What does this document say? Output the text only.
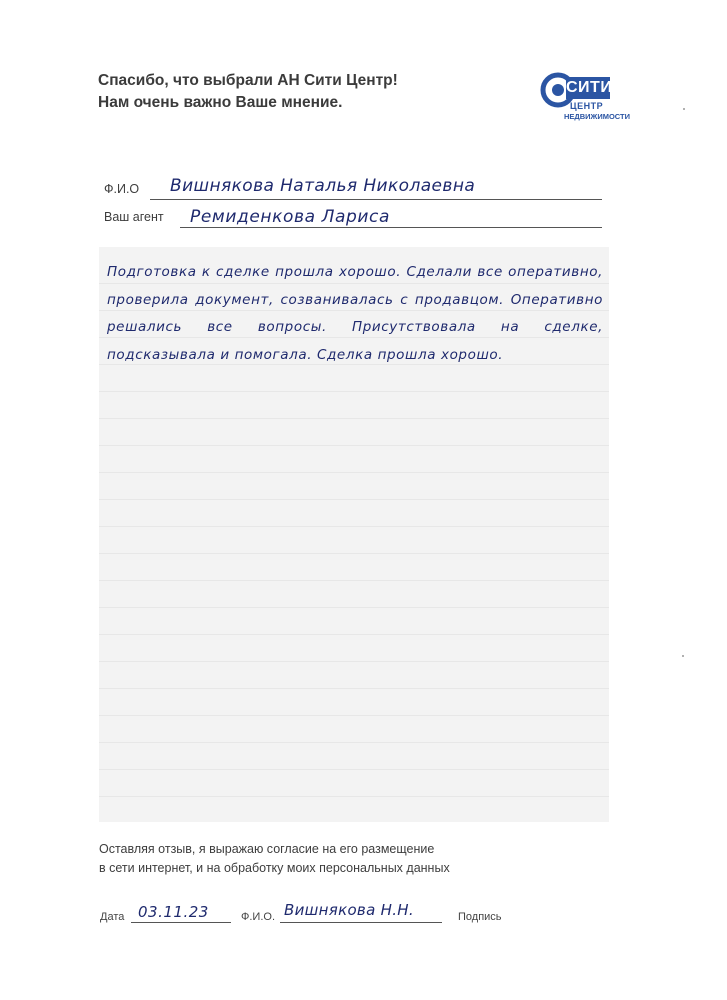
Спасибо, что выбрали АН Сити Центр!
Нам очень важно Ваше мнение.
СИТИ
ЦЕНТР
НЕДВИЖИМОСТИ
Ф.И.О Вишнякова Наталья Николаевна
Ваш агент Ремиденкова Лариса
Подготовка к сделке прошла хорошо. Сделали все оперативно, проверила документ, созванивалась с продавцом. Оперативно решались все вопросы. Присутствовала на сделке, подсказывала и помогала. Сделка прошла хорошо.
Оставляя отзыв, я выражаю согласие на его размещение
в сети интернет, и на обработку моих персональных данных
Дата 03.11.23	Ф.И.О. Вишнякова Н.Н.	Подпись
